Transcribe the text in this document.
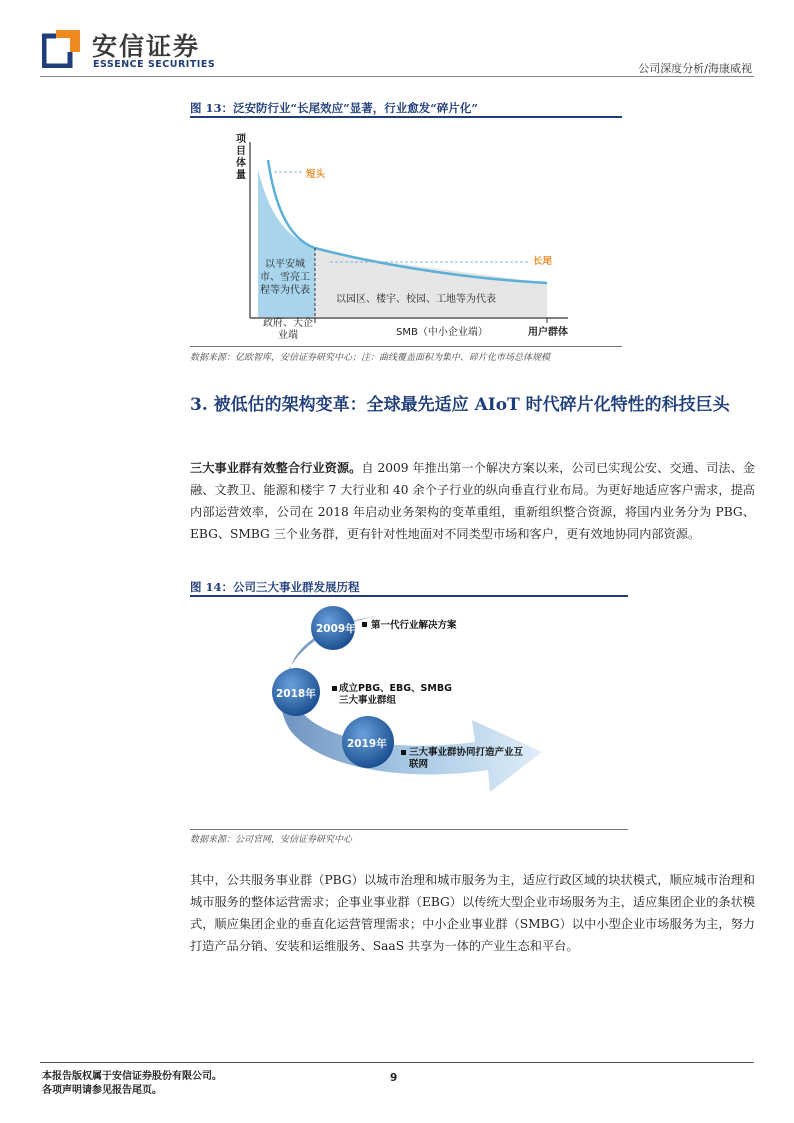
安信证券
ESSENCE SECURITIES	公司深度分析/海康威视
图 13：泛安防行业“长尾效应”显著，行业愈发“碎片化”
项目体量	短头
长尾
以平安城市、雪亮工程等为代表
以园区、楼宇、校园、工地等为代表
政府、大企业端	SMB（中小企业端）	用户群体
数据来源：亿欧智库，安信证券研究中心；注：曲线覆盖面积为集中、碎片化市场总体规模
3. 被低估的架构变革：全球最先适应 AIoT 时代碎片化特性的科技巨头
三大事业群有效整合行业资源。自 2009 年推出第一个解决方案以来，公司已实现公安、交通、司法、金融、文教卫、能源和楼宇 7 大行业和 40 余个子行业的纵向垂直行业布局。为更好地适应客户需求，提高内部运营效率，公司在 2018 年启动业务架构的变革重组，重新组织整合资源，将国内业务分为 PBG、EBG、SMBG 三个业务群，更有针对性地面对不同类型市场和客户，更有效地协同内部资源。
图 14：公司三大事业群发展历程
2009年 第一代行业解决方案
2018年 成立PBG、EBG、SMBG三大事业群组
2019年
三大事业群协同打造产业互联网
数据来源：公司官网，安信证券研究中心
其中，公共服务事业群（PBG）以城市治理和城市服务为主，适应行政区域的块状模式，顺应城市治理和城市服务的整体运营需求；企事业事业群（EBG）以传统大型企业市场服务为主，适应集团企业的条状模式，顺应集团企业的垂直化运营管理需求；中小企业事业群（SMBG）以中小型企业市场服务为主，努力打造产品分销、安装和运维服务、SaaS 共享为一体的产业生态和平台。
本报告版权属于安信证券股份有限公司。
各项声明请参见报告尾页。
9
